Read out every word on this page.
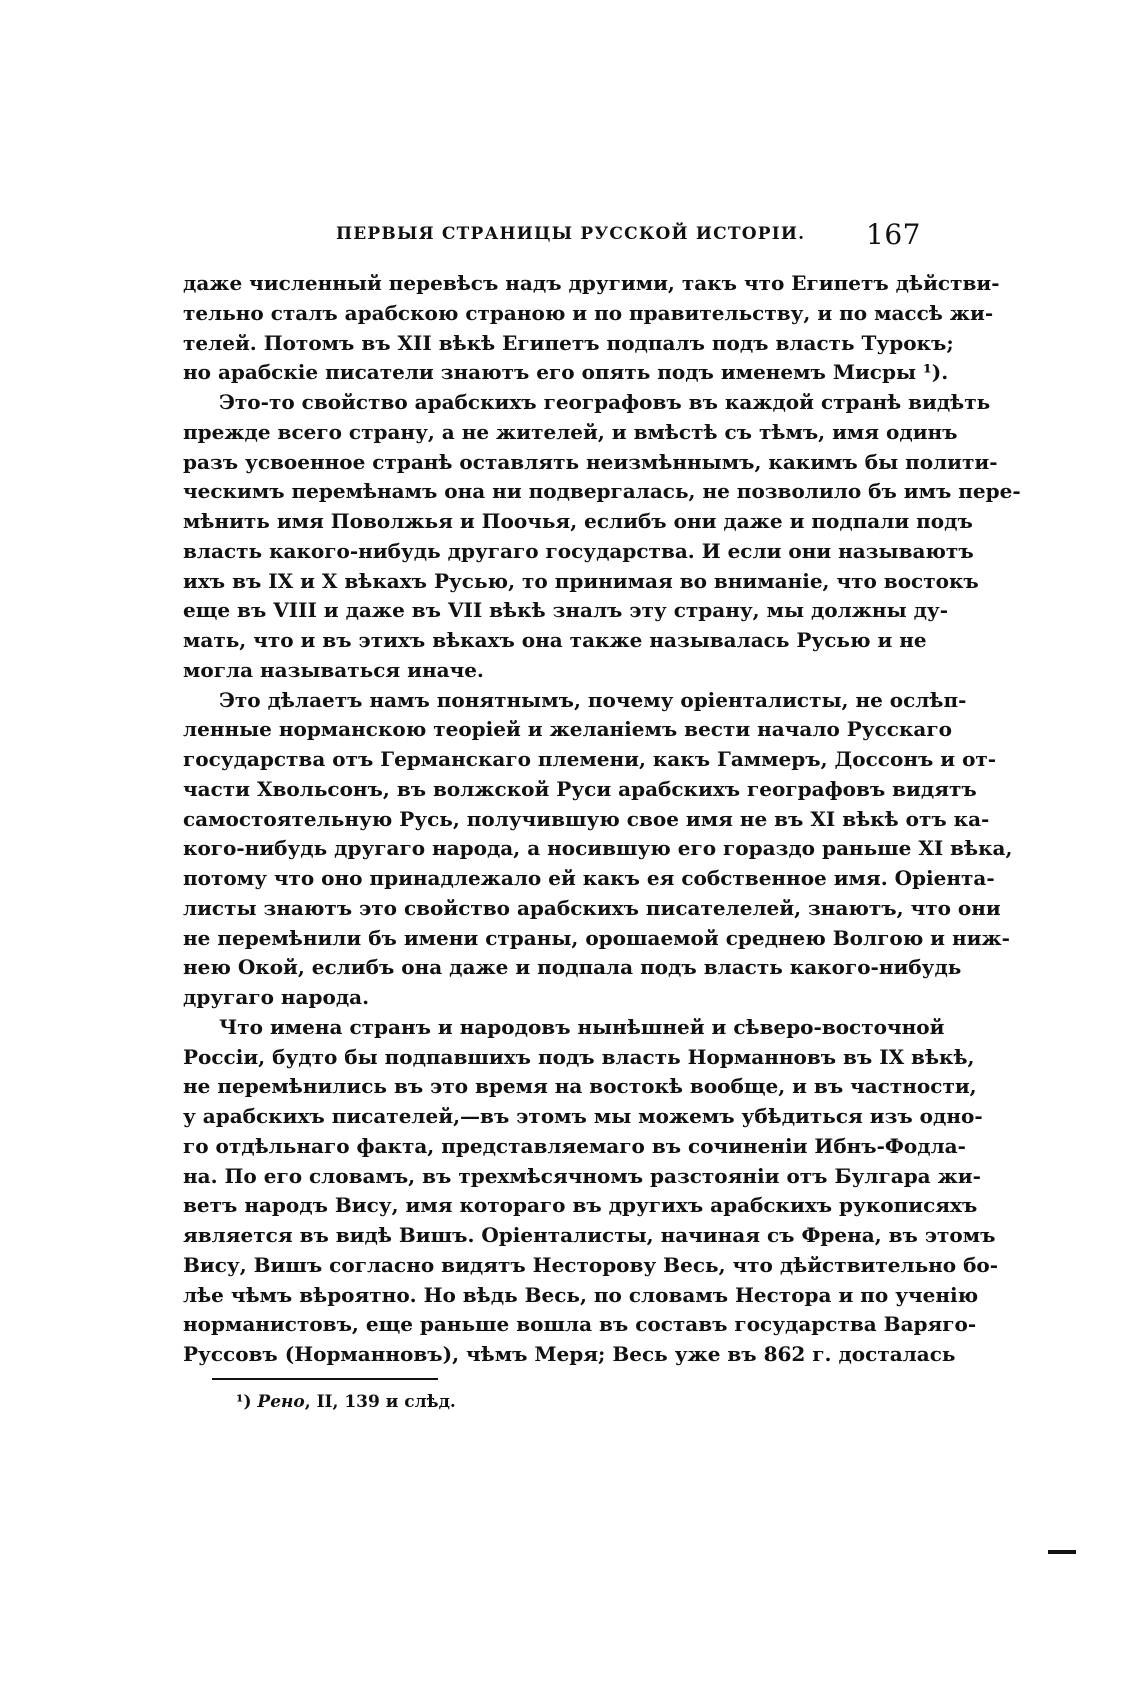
ПЕРВЫЯ СТРАНИЦЫ РУССКОЙ ИСТОРІИ. 167
даже численный перевѣсъ надъ другими, такъ что Египетъ дѣйстви-
тельно сталъ арабскою страною и по правительству, и по массѣ жи-
телей. Потомъ въ XII вѣкѣ Египетъ подпалъ подъ власть Турокъ;
но арабскіе писатели знаютъ его опять подъ именемъ Мисры ¹).
Это-то свойство арабскихъ географовъ въ каждой странѣ видѣть
прежде всего страну, а не жителей, и вмѣстѣ съ тѣмъ, имя одинъ
разъ усвоенное странѣ оставлять неизмѣннымъ, какимъ бы полити-
ческимъ перемѣнамъ она ни подвергалась, не позволило бъ имъ пере-
мѣнить имя Поволжья и Поочья, еслибъ они даже и подпали подъ
власть какого-нибудь другаго государства. И если они называютъ
ихъ въ IX и X вѣкахъ Русью, то принимая во вниманіе, что востокъ
еще въ VIII и даже въ VII вѣкѣ зналъ эту страну, мы должны ду-
мать, что и въ этихъ вѣкахъ она также называлась Русью и не
могла называться иначе.
Это дѣлаетъ намъ понятнымъ, почему оріенталисты, не ослѣп-
ленные норманскою теоріей и желаніемъ вести начало Русскаго
государства отъ Германскаго племени, какъ Гаммеръ, Доссонъ и от-
части Хвольсонъ, въ волжской Руси арабскихъ географовъ видятъ
самостоятельную Русь, получившую свое имя не въ XI вѣкѣ отъ ка-
кого-нибудь другаго народа, а носившую его гораздо раньше XI вѣка,
потому что оно принадлежало ей какъ ея собственное имя. Оріента-
листы знаютъ это свойство арабскихъ писателелей, знаютъ, что они
не перемѣнили бъ имени страны, орошаемой среднею Волгою и ниж-
нею Окой, еслибъ она даже и подпала подъ власть какого-нибудь
другаго народа.
Что имена странъ и народовъ нынѣшней и сѣверо-восточной
Россіи, будто бы подпавшихъ подъ власть Норманновъ въ IX вѣкѣ,
не перемѣнились въ это время на востокѣ вообще, и въ частности,
у арабскихъ писателей,—въ этомъ мы можемъ убѣдиться изъ одно-
го отдѣльнаго факта, представляемаго въ сочиненіи Ибнъ-Фодла-
на. По его словамъ, въ трехмѣсячномъ разстояніи отъ Булгара жи-
ветъ народъ Вису, имя котораго въ другихъ арабскихъ рукописяхъ
является въ видѣ Вишъ. Оріенталисты, начиная съ Френа, въ этомъ
Вису, Вишъ согласно видятъ Несторову Весь, что дѣйствительно бо-
лѣе чѣмъ вѣроятно. Но вѣдь Весь, по словамъ Нестора и по ученію
норманистовъ, еще раньше вошла въ составъ государства Варяго-
Руссовъ (Норманновъ), чѣмъ Меря; Весь уже въ 862 г. досталась
¹) Рено, II, 139 и слѣд.
